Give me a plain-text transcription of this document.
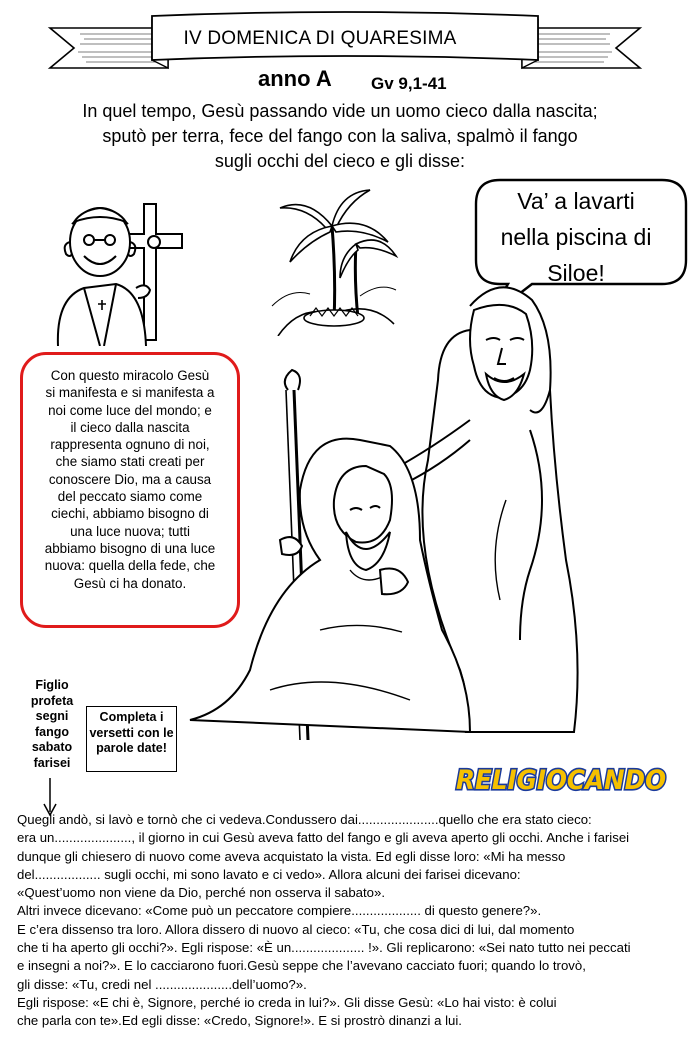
IV DOMENICA DI QUARESIMA
anno A Gv 9,1-41
In quel tempo, Gesù passando vide un uomo cieco dalla nascita;
sputò per terra, fece del fango con la saliva, spalmò il fango
sugli occhi del cieco e gli disse:
Va’ a lavarti
nella piscina di
Siloe!
Con questo miracolo Gesù
si manifesta e si manifesta a
noi come luce del mondo; e
il cieco dalla nascita
rappresenta ognuno di noi,
che siamo stati creati per
conoscere Dio, ma a causa
del peccato siamo come
ciechi, abbiamo bisogno di
una luce nuova; tutti
abbiamo bisogno di una luce
nuova: quella della fede, che
Gesù ci ha donato.
Figlio
profeta
segni
fango
sabato
farisei
Completa i
versetti con le
parole date!
RELIGIOCANDO
Quegli andò, si lavò e tornò che ci vedeva.Condussero dai......................quello che era stato cieco:
era un....................., il giorno in cui Gesù aveva fatto del fango e gli aveva aperto gli occhi. Anche i farisei
dunque gli chiesero di nuovo come aveva acquistato la vista. Ed egli disse loro: «Mi ha messo
del.................. sugli occhi, mi sono lavato e ci vedo». Allora alcuni dei farisei dicevano:
«Quest’uomo non viene da Dio, perché non osserva il sabato».
Altri invece dicevano: «Come può un peccatore compiere................... di questo genere?».
E c’era dissenso tra loro. Allora dissero di nuovo al cieco: «Tu, che cosa dici di lui, dal momento
che ti ha aperto gli occhi?». Egli rispose: «È un.................... !». Gli replicarono: «Sei nato tutto nei peccati
e insegni a noi?». E lo cacciarono fuori.Gesù seppe che l’avevano cacciato fuori; quando lo trovò,
gli disse: «Tu, credi nel .....................dell’uomo?».
Egli rispose: «E chi è, Signore, perché io creda in lui?». Gli disse Gesù: «Lo hai visto: è colui
che parla con te».Ed egli disse: «Credo, Signore!». E si prostrò dinanzi a lui.
